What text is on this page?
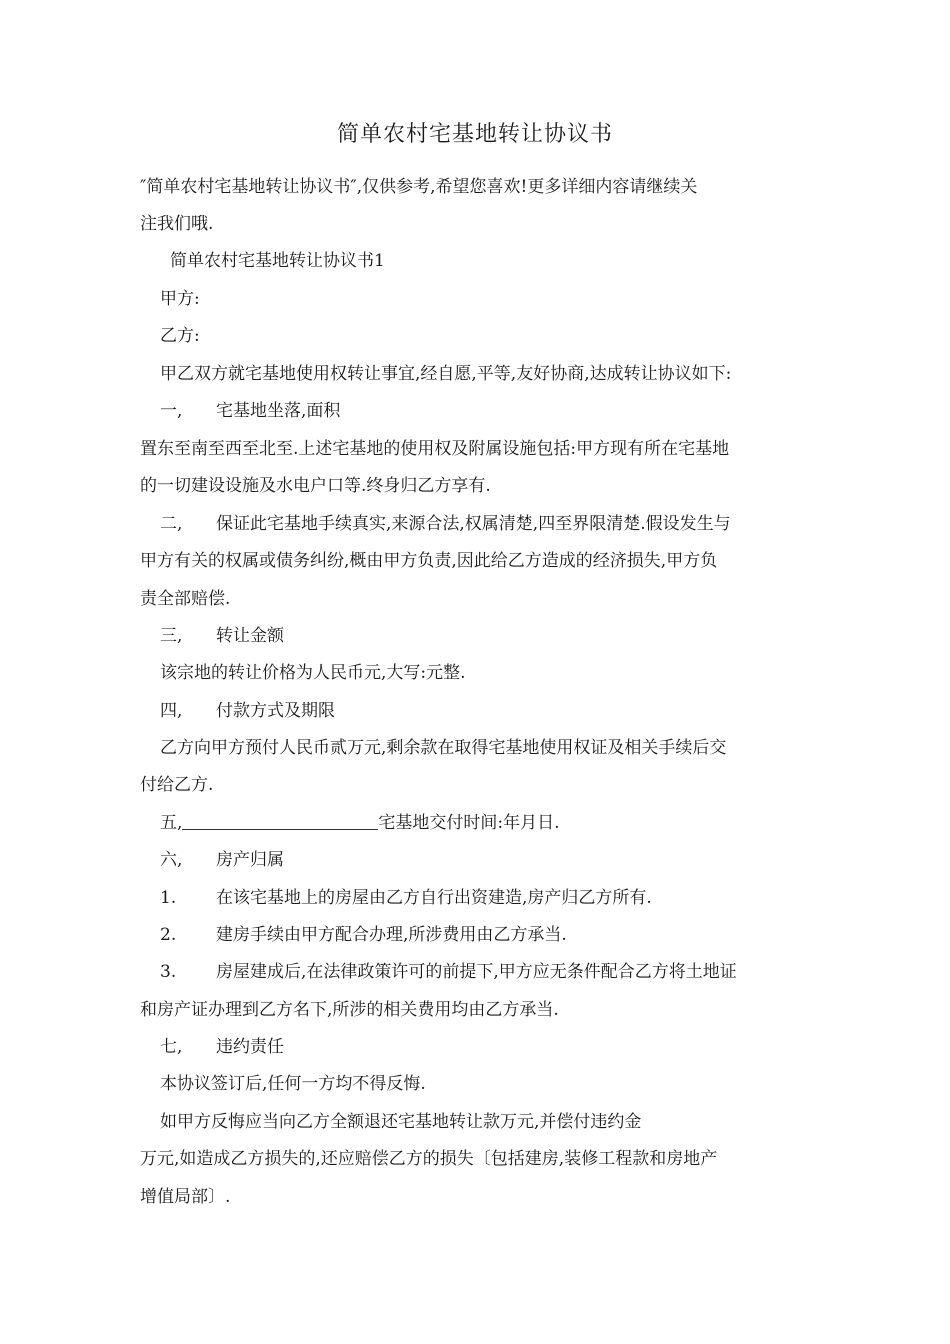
简单农村宅基地转让协议书
″简单农村宅基地转让协议书″,仅供参考,希望您喜欢!更多详细内容请继续关
注我们哦.
简单农村宅基地转让协议书1
甲方:
乙方:
甲乙双方就宅基地使用权转让事宜,经自愿,平等,友好协商,达成转让协议如下:
一, 宅基地坐落,面积
置东至南至西至北至.上述宅基地的使用权及附属设施包括:甲方现有所在宅基地
的一切建设设施及水电户口等.终身归乙方享有.
二, 保证此宅基地手续真实,来源合法,权属清楚,四至界限清楚.假设发生与
甲方有关的权属或债务纠纷,概由甲方负责,因此给乙方造成的经济损失,甲方负
责全部赔偿.
三, 转让金额
该宗地的转让价格为人民币元,大写:元整.
四, 付款方式及期限
乙方向甲方预付人民币贰万元,剩余款在取得宅基地使用权证及相关手续后交
付给乙方.
五,	宅基地交付时间:年月日.
六, 房产归属
1. 在该宅基地上的房屋由乙方自行出资建造,房产归乙方所有.
2. 建房手续由甲方配合办理,所涉费用由乙方承当.
3. 房屋建成后,在法律政策许可的前提下,甲方应无条件配合乙方将土地证
和房产证办理到乙方名下,所涉的相关费用均由乙方承当.
七, 违约责任
本协议签订后,任何一方均不得反悔.
如甲方反悔应当向乙方全额退还宅基地转让款万元,并偿付违约金
万元,如造成乙方损失的,还应赔偿乙方的损失〔包括建房,装修工程款和房地产
增值局部〕.
